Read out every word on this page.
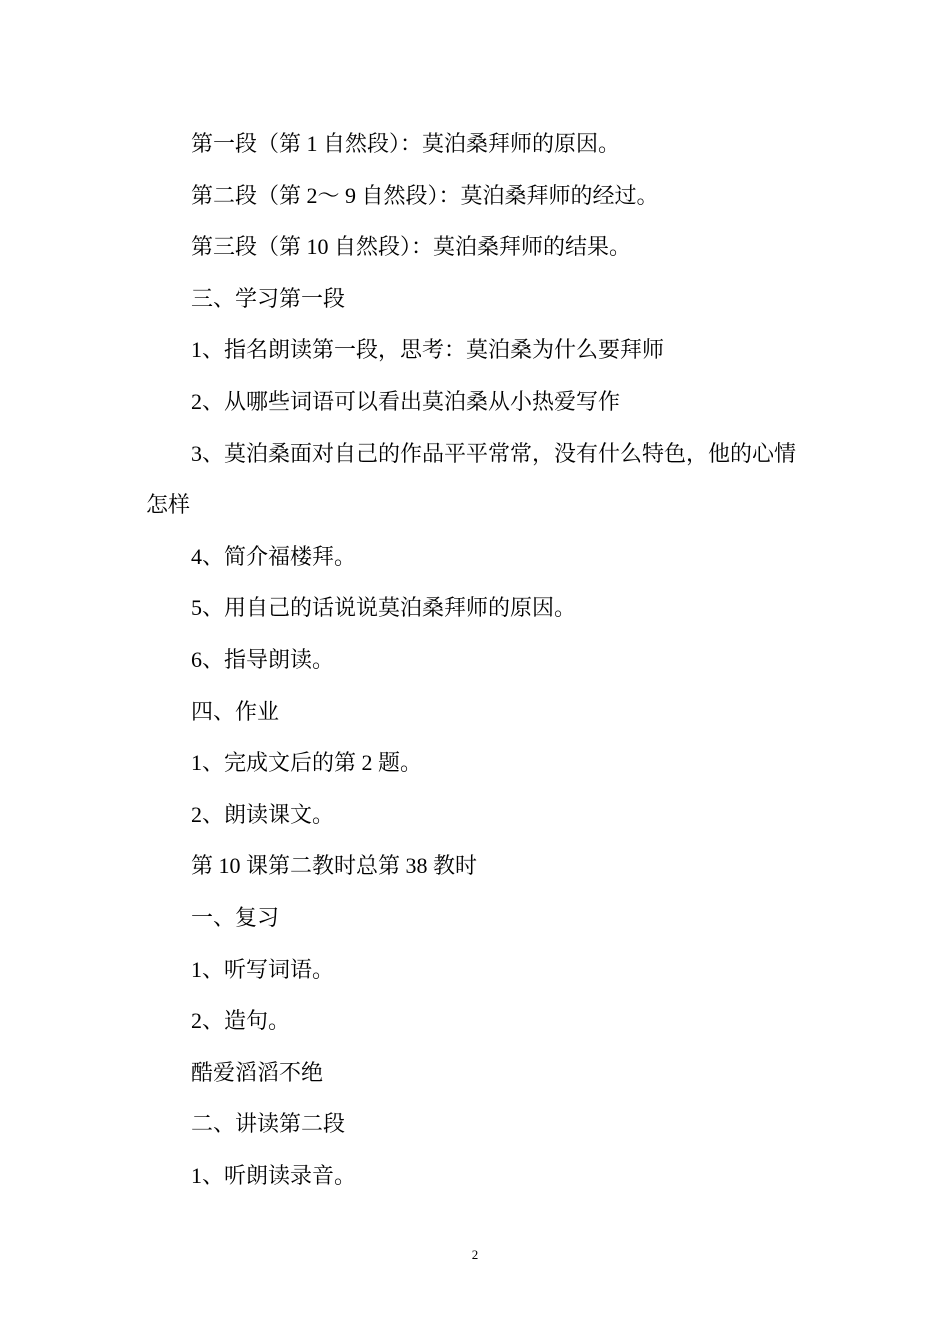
第一段（第 1 自然段）：莫泊桑拜师的原因。
第二段（第 2～ 9 自然段）：莫泊桑拜师的经过。
第三段（第 10 自然段）：莫泊桑拜师的结果。
三、学习第一段
1、指名朗读第一段，思考：莫泊桑为什么要拜师
2、从哪些词语可以看出莫泊桑从小热爱写作
3、莫泊桑面对自己的作品平平常常，没有什么特色，他的心情
怎样
4、简介福楼拜。
5、用自己的话说说莫泊桑拜师的原因。
6、指导朗读。
四、作业
1、完成文后的第 2 题。
2、朗读课文。
第 10 课第二教时总第 38 教时
一、复习
1、听写词语。
2、造句。
酷爱滔滔不绝
二、讲读第二段
1、听朗读录音。
2
